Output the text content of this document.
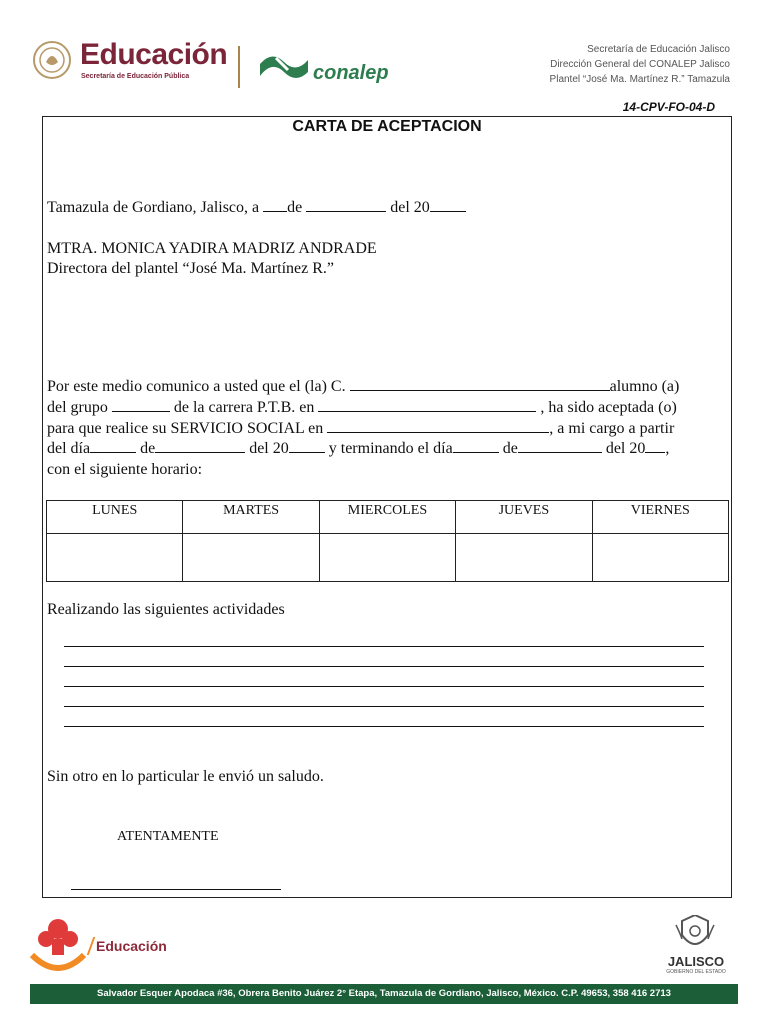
Educación
Secretaría de Educación Pública	conalep
Secretaría de Educación Jalisco
Dirección General del CONALEP Jalisco
Plantel “José Ma. Martínez R.” Tamazula
14-CPV-FO-04-D
CARTA DE ACEPTACION
Tamazula de Gordiano, Jalisco, a de	del 20
MTRA. MONICA YADIRA MADRIZ ANDRADE
Directora del plantel “José Ma. Martínez R.”
Por este medio comunico a usted que el (la) C.	alumno (a)
del grupo	de la carrera P.T.B. en	, ha sido aceptada (o)
para que realice su SERVICIO SOCIAL en	, a mi cargo a partir
del día	de	del 20	y terminando el día	de	del 20 ,
con el siguiente horario:
LUNES	MARTES	MIERCOLES	JUEVES	VIERNES

Realizando las siguientes actividades
Sin otro en lo particular le envió un saludo.
ATENTAMENTE
Educación
JALISCO
GOBIERNO DEL ESTADO
Salvador Esquer Apodaca #36, Obrera Benito Juárez 2° Etapa, Tamazula de Gordiano, Jalisco, México. C.P. 49653, 358 416 2713
